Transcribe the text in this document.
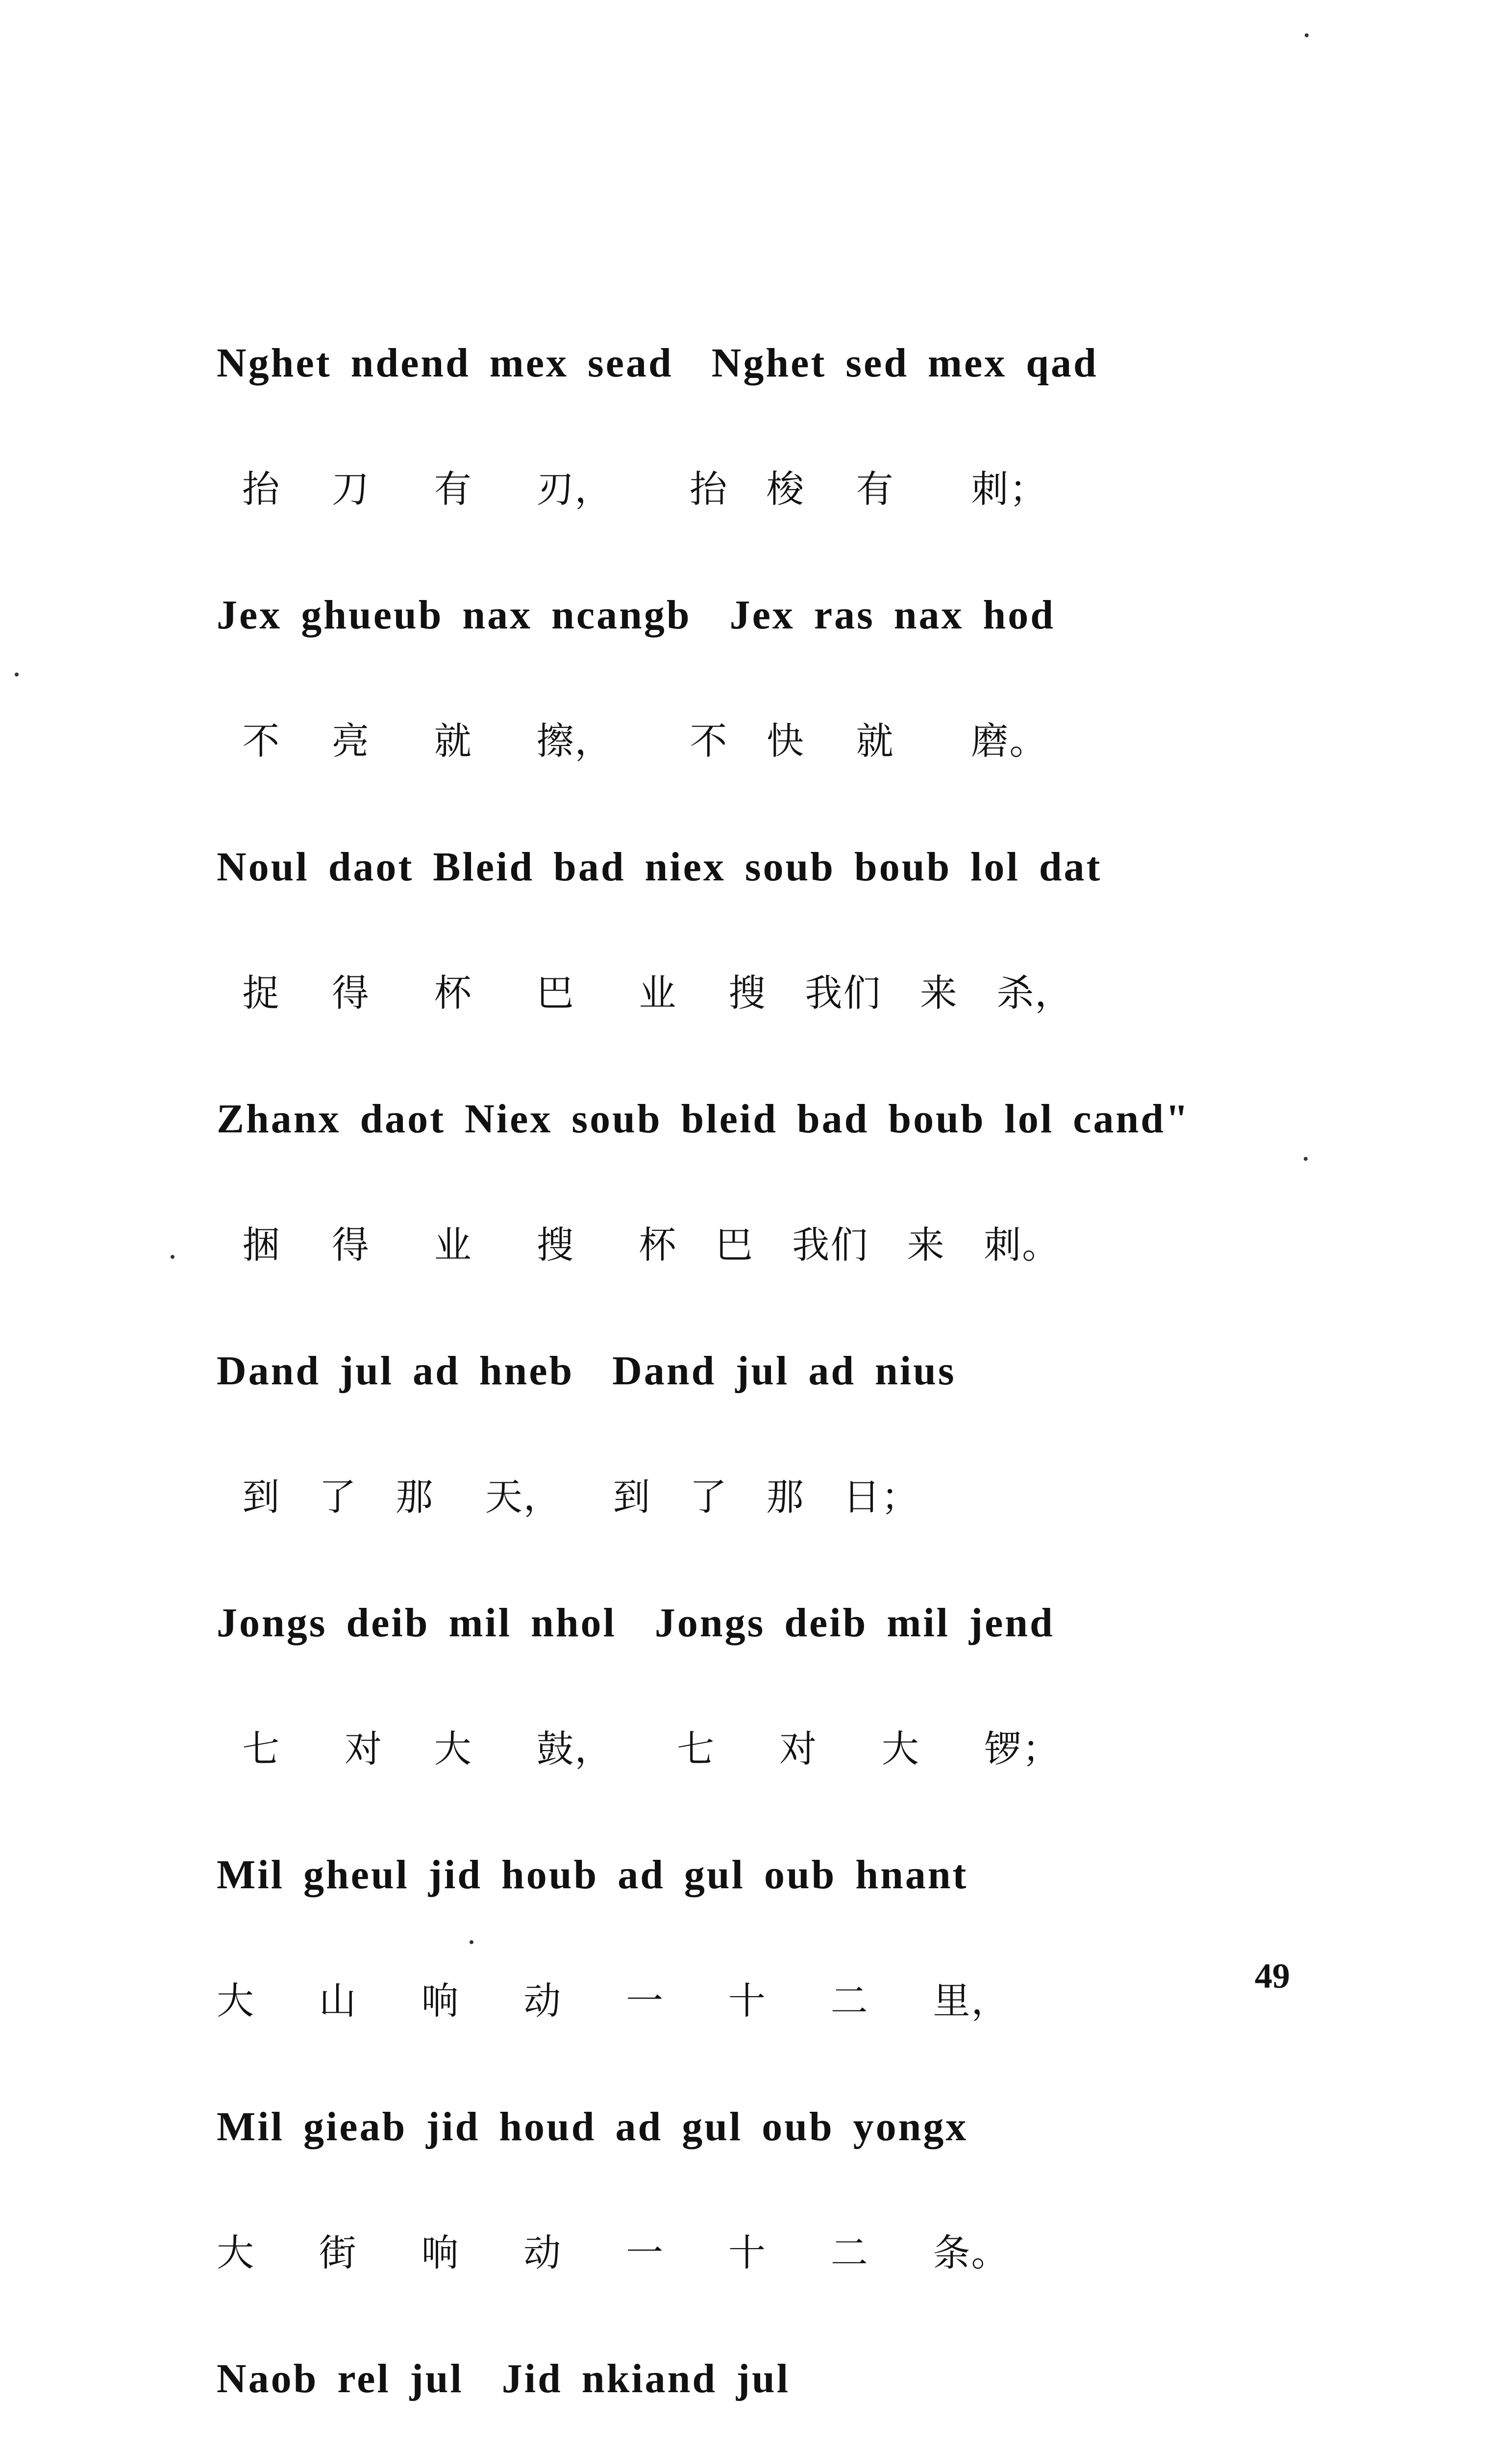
Nghet ndend mex sead  Nghet sed mex qad
抬    刀     有     刃，      抬   梭    有      刺；
Jex ghueub nax ncangb  Jex ras nax hod
不    亮     就     擦，      不   快    就      磨。
Noul daot Bleid bad niex soub boub lol dat
捉    得     杯     巴     业    搜   我们   来   杀，
Zhanx daot Niex soub bleid bad boub lol cand"
捆    得     业     搜     杯   巴   我们   来   刺。
Dand jul ad hneb  Dand jul ad nius
到   了   那    天，    到   了   那   日；
Jongs deib mil nhol  Jongs deib mil jend
七     对    大     鼓，     七     对     大     锣；
Mil gheul jid houb ad gul oub hnant
大     山     响     动     一     十     二     里，
Mil gieab jid houd ad gul oub yongx
大     街     响     动     一     十     二     条。
Naob rel jul  Jid nkiand jul
49
